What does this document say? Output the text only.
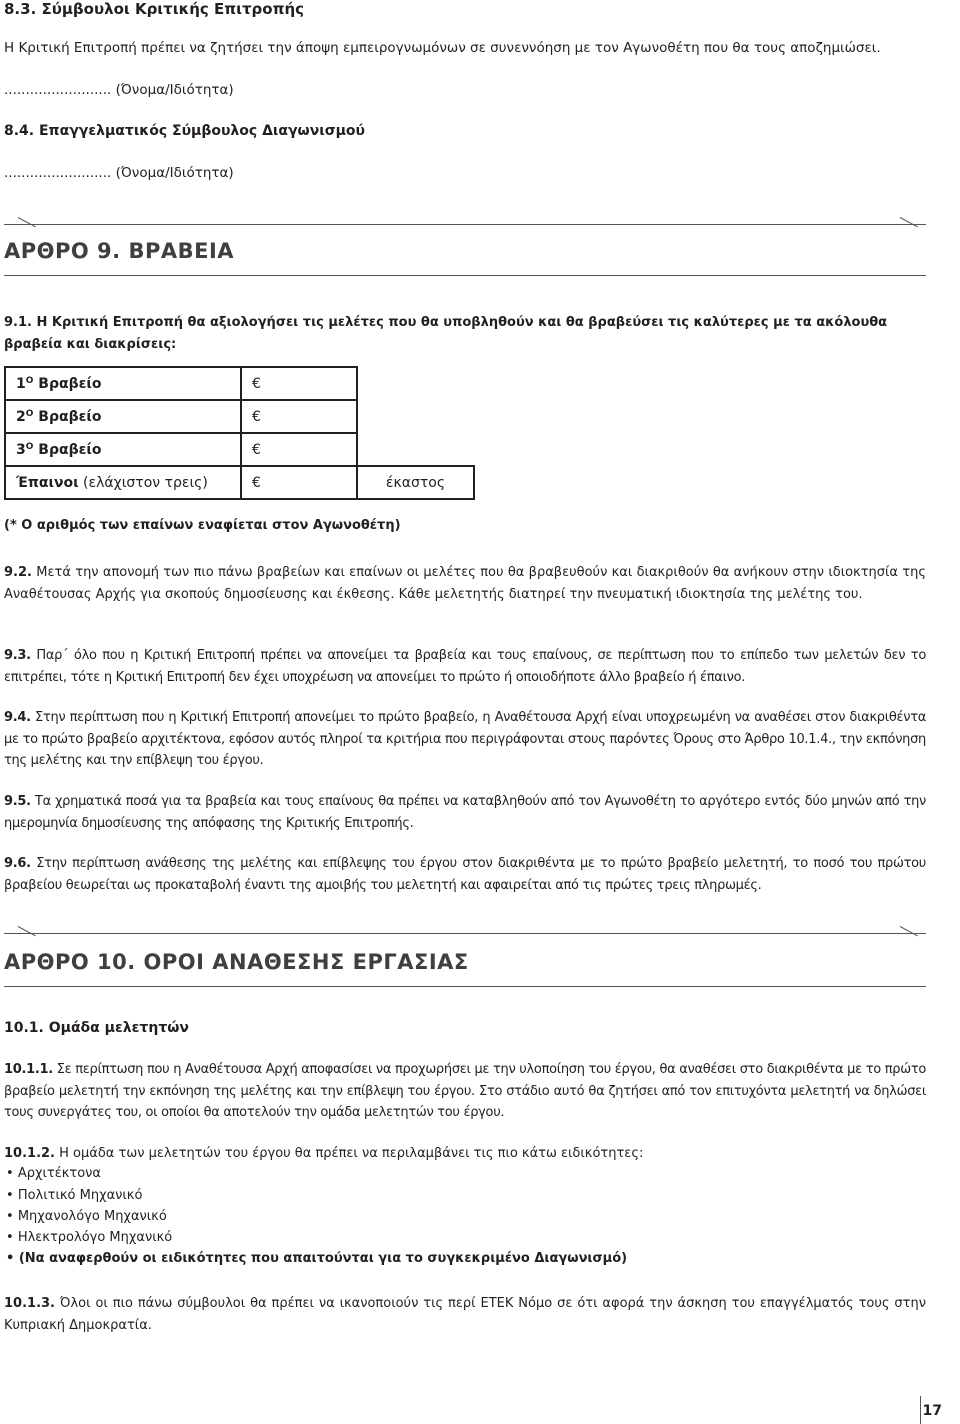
8.3. Σύμβουλοι Κριτικής Επιτροπής
Η Κριτική Επιτροπή πρέπει να ζητήσει την άποψη εμπειρογνωμόνων σε συνεννόηση με τον Αγωνοθέτη που θα τους αποζημιώσει.
......................... (Όνομα/Ιδιότητα)
8.4. Επαγγελματικός Σύμβουλος Διαγωνισμού
......................... (Όνομα/Ιδιότητα)
ΑΡΘΡΟ 9. ΒΡΑΒΕΙΑ
9.1. Η Κριτική Επιτροπή θα αξιολογήσει τις μελέτες που θα υποβληθούν και θα βραβεύσει τις καλύτερες με τα ακόλουθα
βραβεία και διακρίσεις:
$1^O$ Βραβείο	€	
$2^O$ Βραβείο	€	
$3^O$ Βραβείο	€	
Έπαινοι (ελάχιστον τρεις)	€	έκαστος
(* Ο αριθμός των επαίνων εναφίεται στον Αγωνοθέτη)
9.2. Μετά την απονομή των πιο πάνω βραβείων και επαίνων οι μελέτες που θα βραβευθούν και διακριθούν θα ανήκουν στην ιδιοκτησία της Αναθέτουσας Αρχής για σκοπούς δημοσίευσης και έκθεσης. Κάθε μελετητής διατηρεί την πνευματική ιδιοκτησία της μελέτης του.
9.3. Παρ΄ όλο που η Κριτική Επιτροπή πρέπει να απονείμει τα βραβεία και τους επαίνους, σε περίπτωση που το επίπεδο των μελετών δεν το επιτρέπει, τότε η Κριτική Επιτροπή δεν έχει υποχρέωση να απονείμει το πρώτο ή οποιοδήποτε άλλο βραβείο ή έπαινο.
9.4. Στην περίπτωση που η Κριτική Επιτροπή απονείμει το πρώτο βραβείο, η Αναθέτουσα Αρχή είναι υποχρεωμένη να αναθέσει στον διακριθέντα με το πρώτο βραβείο αρχιτέκτονα, εφόσον αυτός πληροί τα κριτήρια που περιγράφονται στους παρόντες Όρους στο Άρθρο 10.1.4., την εκπόνηση της μελέτης και την επίβλεψη του έργου.
9.5. Τα χρηματικά ποσά για τα βραβεία και τους επαίνους θα πρέπει να καταβληθούν από τον Αγωνοθέτη το αργότερο εντός δύο μηνών από την ημερομηνία δημοσίευσης της απόφασης της Κριτικής Επιτροπής.
9.6. Στην περίπτωση ανάθεσης της μελέτης και επίβλεψης του έργου στον διακριθέντα με το πρώτο βραβείο μελετητή, το ποσό του πρώτου βραβείου θεωρείται ως προκαταβολή έναντι της αμοιβής του μελετητή και αφαιρείται από τις πρώτες τρεις πληρωμές.
ΑΡΘΡΟ 10. ΟΡΟΙ ΑΝΑΘΕΣΗΣ ΕΡΓΑΣΙΑΣ
10.1. Ομάδα μελετητών
10.1.1. Σε περίπτωση που η Αναθέτουσα Αρχή αποφασίσει να προχωρήσει με την υλοποίηση του έργου, θα αναθέσει στο διακριθέντα με το πρώτο βραβείο μελετητή την εκπόνηση της μελέτης και την επίβλεψη του έργου. Στο στάδιο αυτό θα ζητήσει από τον επιτυχόντα μελετητή να δηλώσει τους συνεργάτες του, οι οποίοι θα αποτελούν την ομάδα μελετητών του έργου.
10.1.2. Η ομάδα των μελετητών του έργου θα πρέπει να περιλαμβάνει τις πιο κάτω ειδικότητες:
• Αρχιτέκτονα
• Πολιτικό Μηχανικό
• Μηχανολόγο Μηχανικό
• Ηλεκτρολόγο Μηχανικό
• (Να αναφερθούν οι ειδικότητες που απαιτούνται για το συγκεκριμένο Διαγωνισμό)
10.1.3. Όλοι οι πιο πάνω σύμβουλοι θα πρέπει να ικανοποιούν τις περί ΕΤΕΚ Νόμο σε ότι αφορά την άσκηση του επαγγέλματός τους στην Κυπριακή Δημοκρατία.
17
